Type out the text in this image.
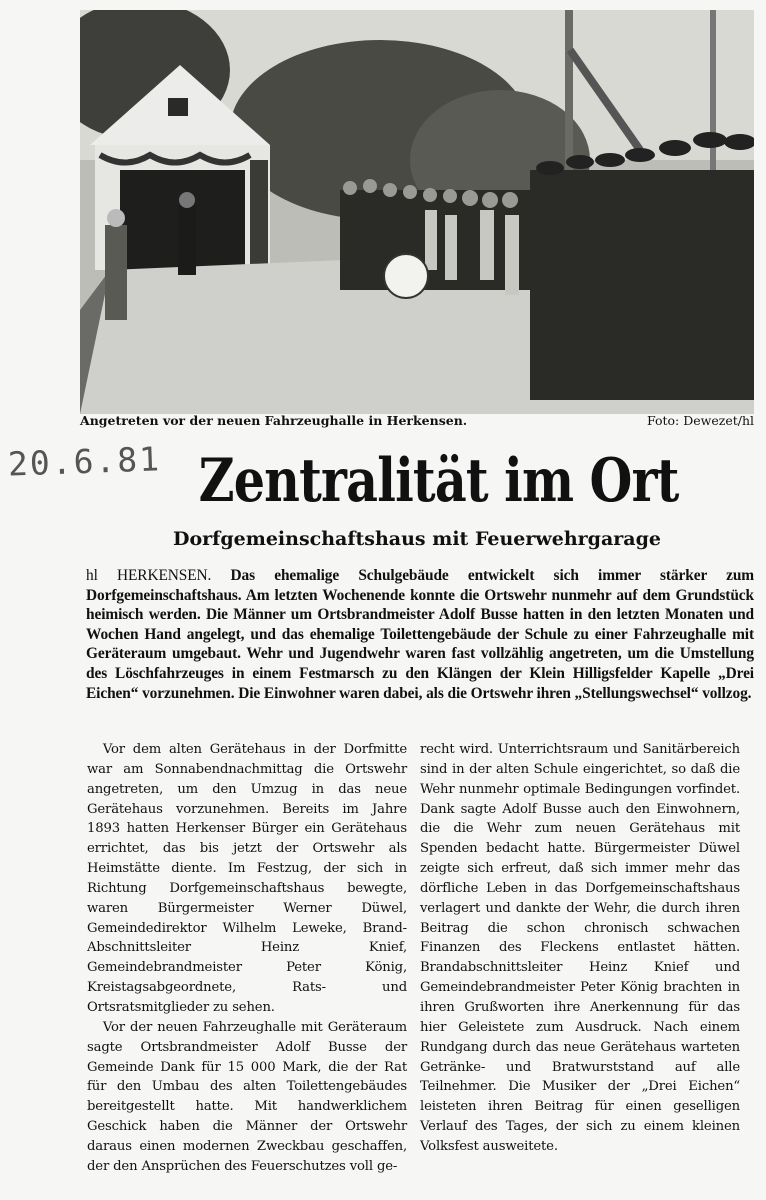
Angetreten vor der neuen Fahrzeughalle in Herkensen.	Foto: Dewezet/hl
20.6.81 Zentralität im Ort
Dorfgemeinschaftshaus mit Feuerwehrgarage
hl HERKENSEN. Das ehemalige Schulgebäude entwickelt sich immer stärker zum Dorfgemeinschaftshaus. Am letzten Wochenende konnte die Ortswehr nunmehr auf dem Grundstück heimisch werden. Die Männer um Ortsbrandmeister Adolf Busse hatten in den letzten Monaten und Wochen Hand angelegt, und das ehemalige Toilettengebäude der Schule zu einer Fahrzeughalle mit Geräteraum umgebaut. Wehr und Jugendwehr waren fast vollzählig angetreten, um die Umstellung des Löschfahrzeuges in einem Festmarsch zu den Klängen der Klein Hilligsfelder Kapelle „Drei Eichen“ vorzunehmen. Die Einwohner waren dabei, als die Ortswehr ihren „Stellungswechsel“ vollzog.

Vor dem alten Gerätehaus in der Dorfmitte war am Sonnabendnachmittag die Ortswehr angetreten, um den Umzug in das neue Gerätehaus vorzunehmen. Bereits im Jahre 1893 hatten Herkenser Bürger ein Gerätehaus errichtet, das bis jetzt der Ortswehr als Heimstätte diente. Im Festzug, der sich in Richtung Dorfgemeinschaftshaus bewegte, waren Bürgermeister Werner Düwel, Gemeindedirektor Wilhelm Leweke, Brand-Abschnittsleiter Heinz Knief, Gemeindebrandmeister Peter König, Kreistagsabgeordnete, Rats- und Ortsratsmitglieder zu sehen.

Vor der neuen Fahrzeughalle mit Geräteraum sagte Ortsbrandmeister Adolf Busse der Gemeinde Dank für 15 000 Mark, die der Rat für den Umbau des alten Toilettengebäudes bereitgestellt hatte. Mit handwerklichem Geschick haben die Männer der Ortswehr daraus einen modernen Zweckbau geschaffen, der den Ansprüchen des Feuerschutzes voll ge-

recht wird. Unterrichtsraum und Sanitärbereich sind in der alten Schule eingerichtet, so daß die Wehr nunmehr optimale Bedingungen vorfindet. Dank sagte Adolf Busse auch den Einwohnern, die die Wehr zum neuen Gerätehaus mit Spenden bedacht hatte. Bürgermeister Düwel zeigte sich erfreut, daß sich immer mehr das dörfliche Leben in das Dorfgemeinschaftshaus verlagert und dankte der Wehr, die durch ihren Beitrag die schon chronisch schwachen Finanzen des Fleckens entlastet hätten. Brandabschnittsleiter Heinz Knief und Gemeindebrandmeister Peter König brachten in ihren Grußworten ihre Anerkennung für das hier Geleistete zum Ausdruck. Nach einem Rundgang durch das neue Gerätehaus warteten Getränke- und Bratwurststand auf alle Teilnehmer. Die Musiker der „Drei Eichen“ leisteten ihren Beitrag für einen geselligen Verlauf des Tages, der sich zu einem kleinen Volksfest ausweitete.
